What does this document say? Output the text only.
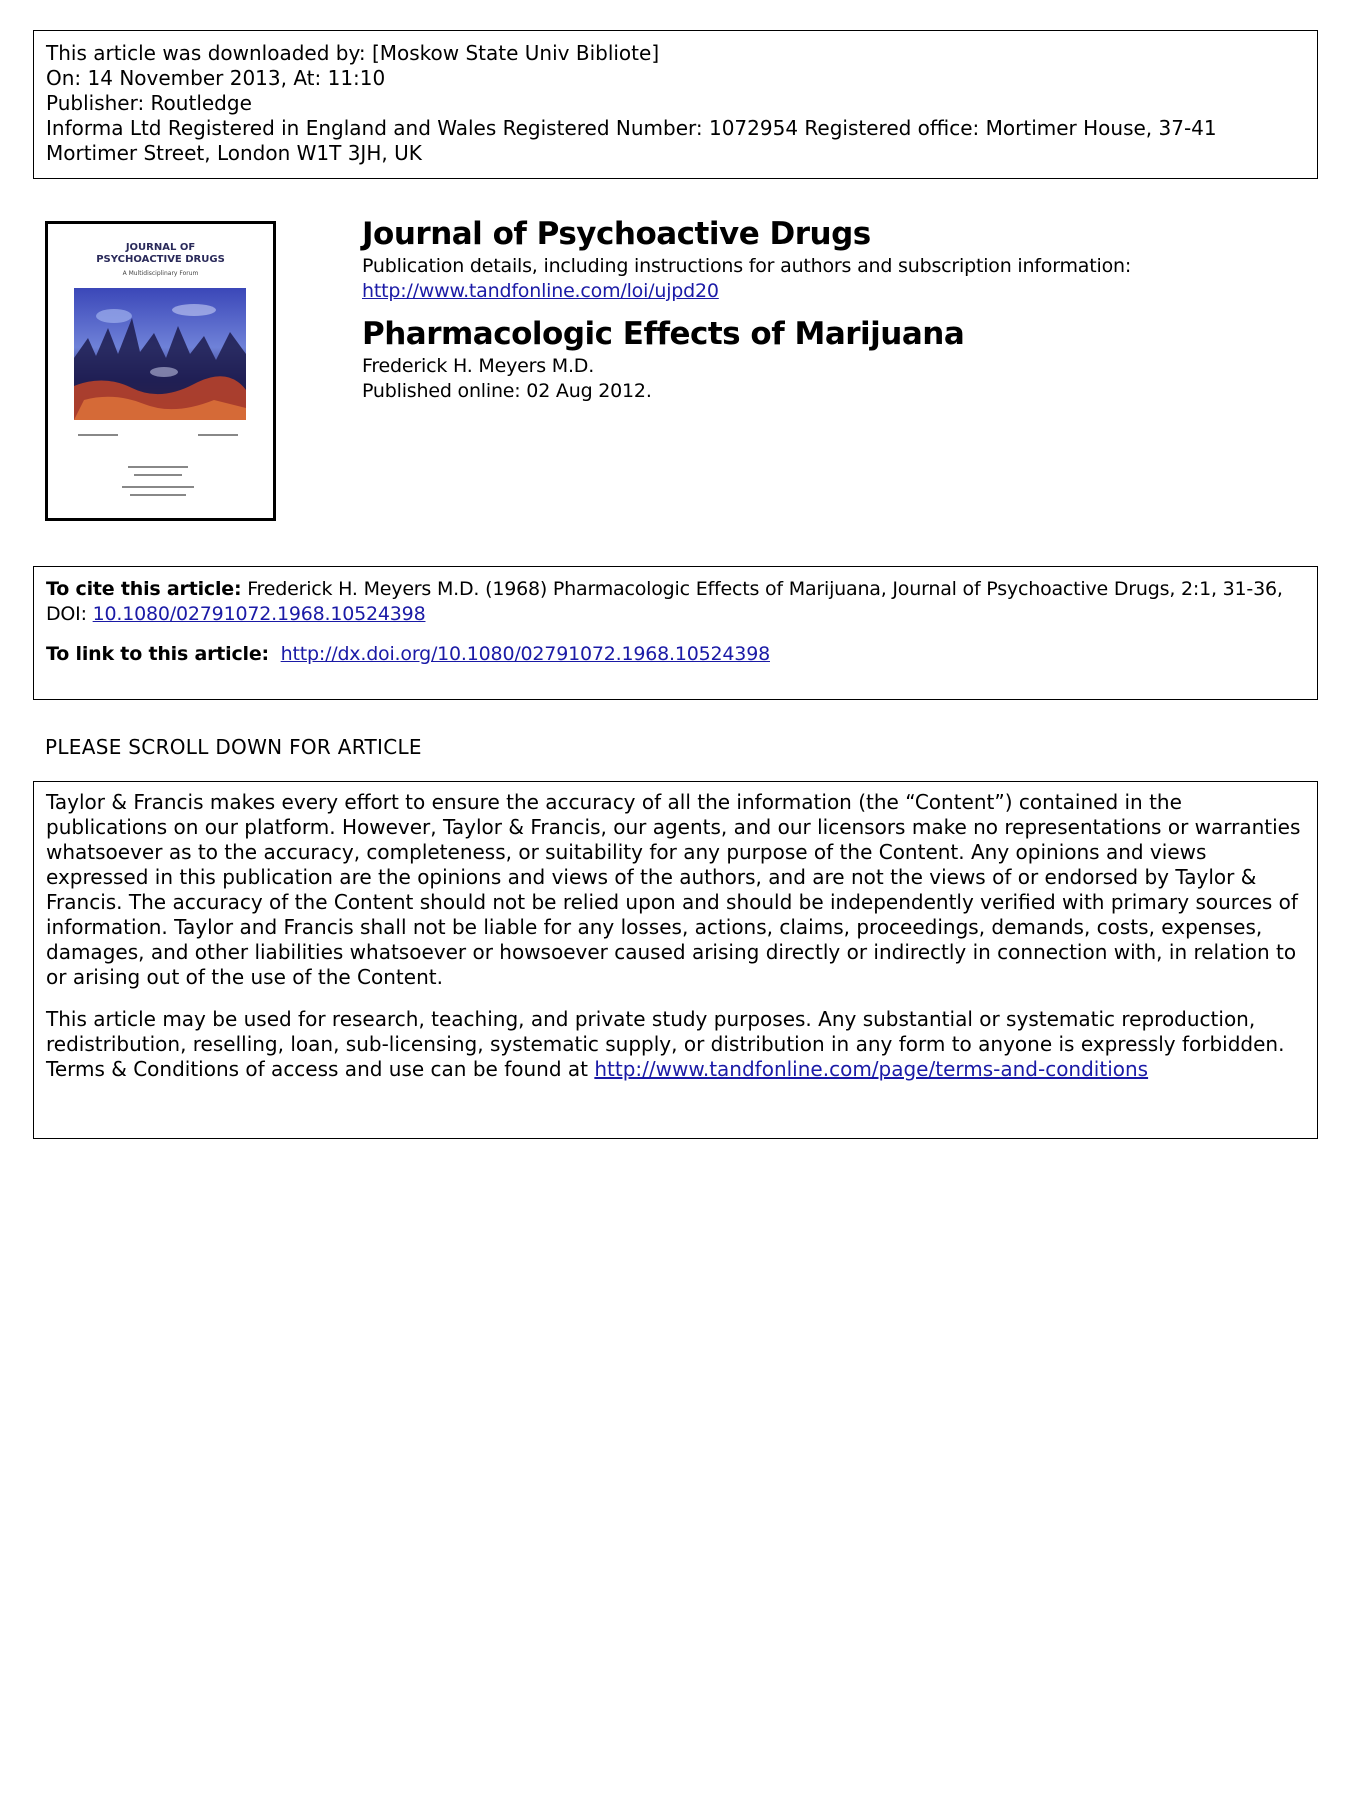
This article was downloaded by: [Moskow State Univ Bibliote]
On: 14 November 2013, At: 11:10
Publisher: Routledge
Informa Ltd Registered in England and Wales Registered Number: 1072954 Registered office: Mortimer House, 37-41
Mortimer Street, London W1T 3JH, UK
JOURNAL OF
PSYCHOACTIVE DRUGS
A Multidisciplinary Forum
Journal of Psychoactive Drugs
Publication details, including instructions for authors and subscription information:
http://www.tandfonline.com/loi/ujpd20
Pharmacologic Effects of Marijuana
Frederick H. Meyers M.D.
Published online: 02 Aug 2012.
To cite this article: Frederick H. Meyers M.D. (1968) Pharmacologic Effects of Marijuana, Journal of Psychoactive Drugs, 2:1, 31-36,
DOI: 10.1080/02791072.1968.10524398
To link to this article: http://dx.doi.org/10.1080/02791072.1968.10524398
PLEASE SCROLL DOWN FOR ARTICLE

Taylor & Francis makes every effort to ensure the accuracy of all the information (the “Content”) contained in the publications on our platform. However, Taylor & Francis, our agents, and our licensors make no representations or warranties whatsoever as to the accuracy, completeness, or suitability for any purpose of the Content. Any opinions and views expressed in this publication are the opinions and views of the authors, and are not the views of or endorsed by Taylor & Francis. The accuracy of the Content should not be relied upon and should be independently verified with primary sources of information. Taylor and Francis shall not be liable for any losses, actions, claims, proceedings, demands, costs, expenses, damages, and other liabilities whatsoever or howsoever caused arising directly or indirectly in connection with, in relation to or arising out of the use of the Content.

This article may be used for research, teaching, and private study purposes. Any substantial or systematic reproduction, redistribution, reselling, loan, sub-licensing, systematic supply, or distribution in any form to anyone is expressly forbidden. Terms & Conditions of access and use can be found at http://www.tandfonline.com/page/terms-and-conditions
